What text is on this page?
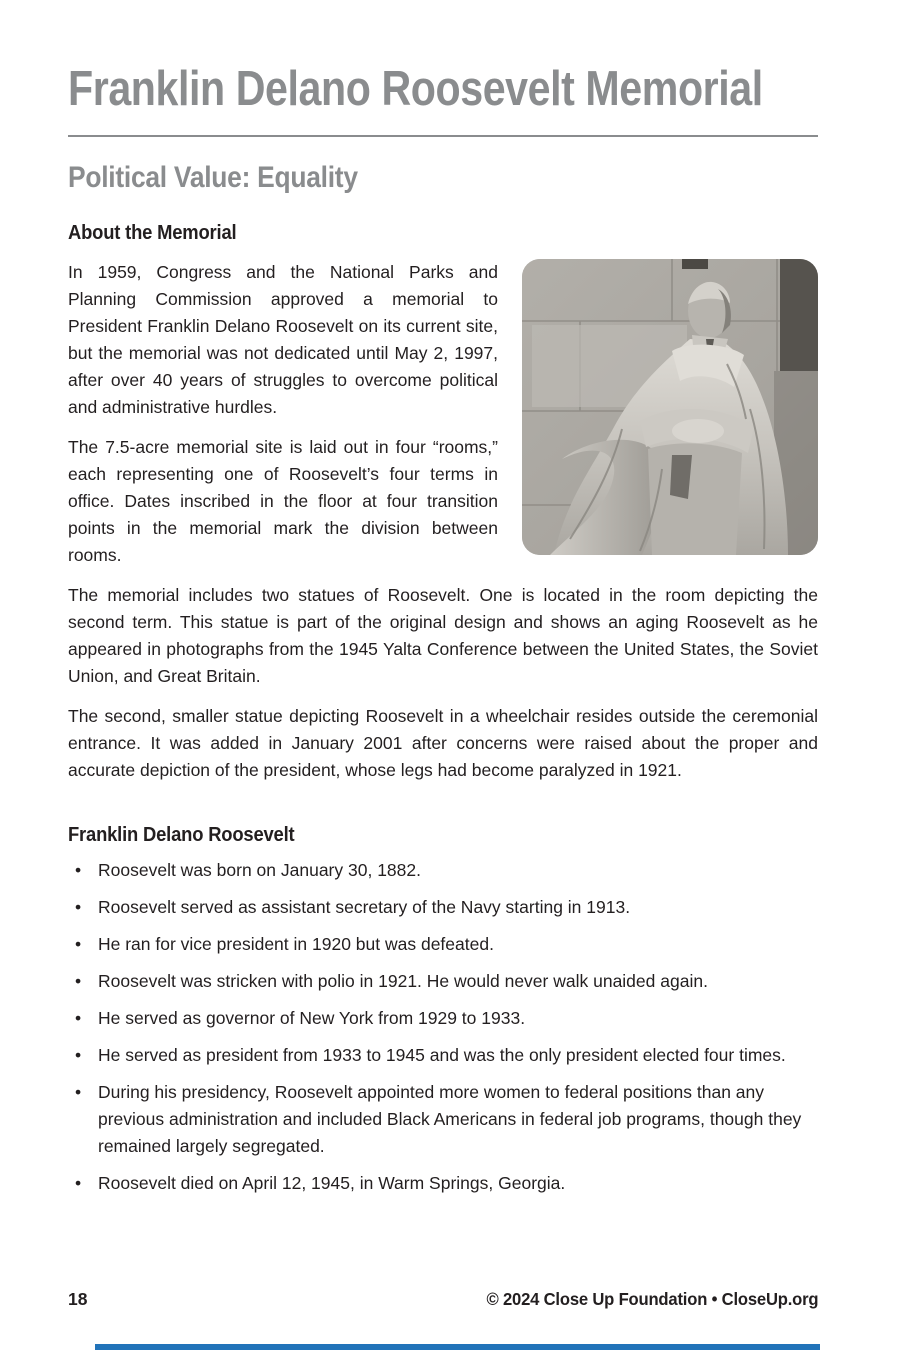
Franklin Delano Roosevelt Memorial
Political Value: Equality
About the Memorial

In 1959, Congress and the National Parks and Planning Commission approved a memorial to President Franklin Delano Roosevelt on its current site, but the memorial was not dedicated until May 2, 1997, after over 40 years of struggles to overcome political and administrative hurdles.

The 7.5-acre memorial site is laid out in four “rooms,” each representing one of Roosevelt’s four terms in office. Dates inscribed in the floor at four transition points in the memorial mark the division between rooms.

The memorial includes two statues of Roosevelt. One is located in the room depicting the second term. This statue is part of the original design and shows an aging Roosevelt as he appeared in photographs from the 1945 Yalta Conference between the United States, the Soviet Union, and Great Britain.

The second, smaller statue depicting Roosevelt in a wheelchair resides outside the ceremonial entrance. It was added in January 2001 after concerns were raised about the proper and accurate depiction of the president, whose legs had become paralyzed in 1921.

Franklin Delano Roosevelt
• Roosevelt was born on January 30, 1882.
• Roosevelt served as assistant secretary of the Navy starting in 1913.
• He ran for vice president in 1920 but was defeated.
• Roosevelt was stricken with polio in 1921. He would never walk unaided again.
• He served as governor of New York from 1929 to 1933.
• He served as president from 1933 to 1945 and was the only president elected four times.
• During his presidency, Roosevelt appointed more women to federal positions than any previous administration and included Black Americans in federal job programs, though they remained largely segregated.
• Roosevelt died on April 12, 1945, in Warm Springs, Georgia.
18	© 2024 Close Up Foundation • CloseUp.org
